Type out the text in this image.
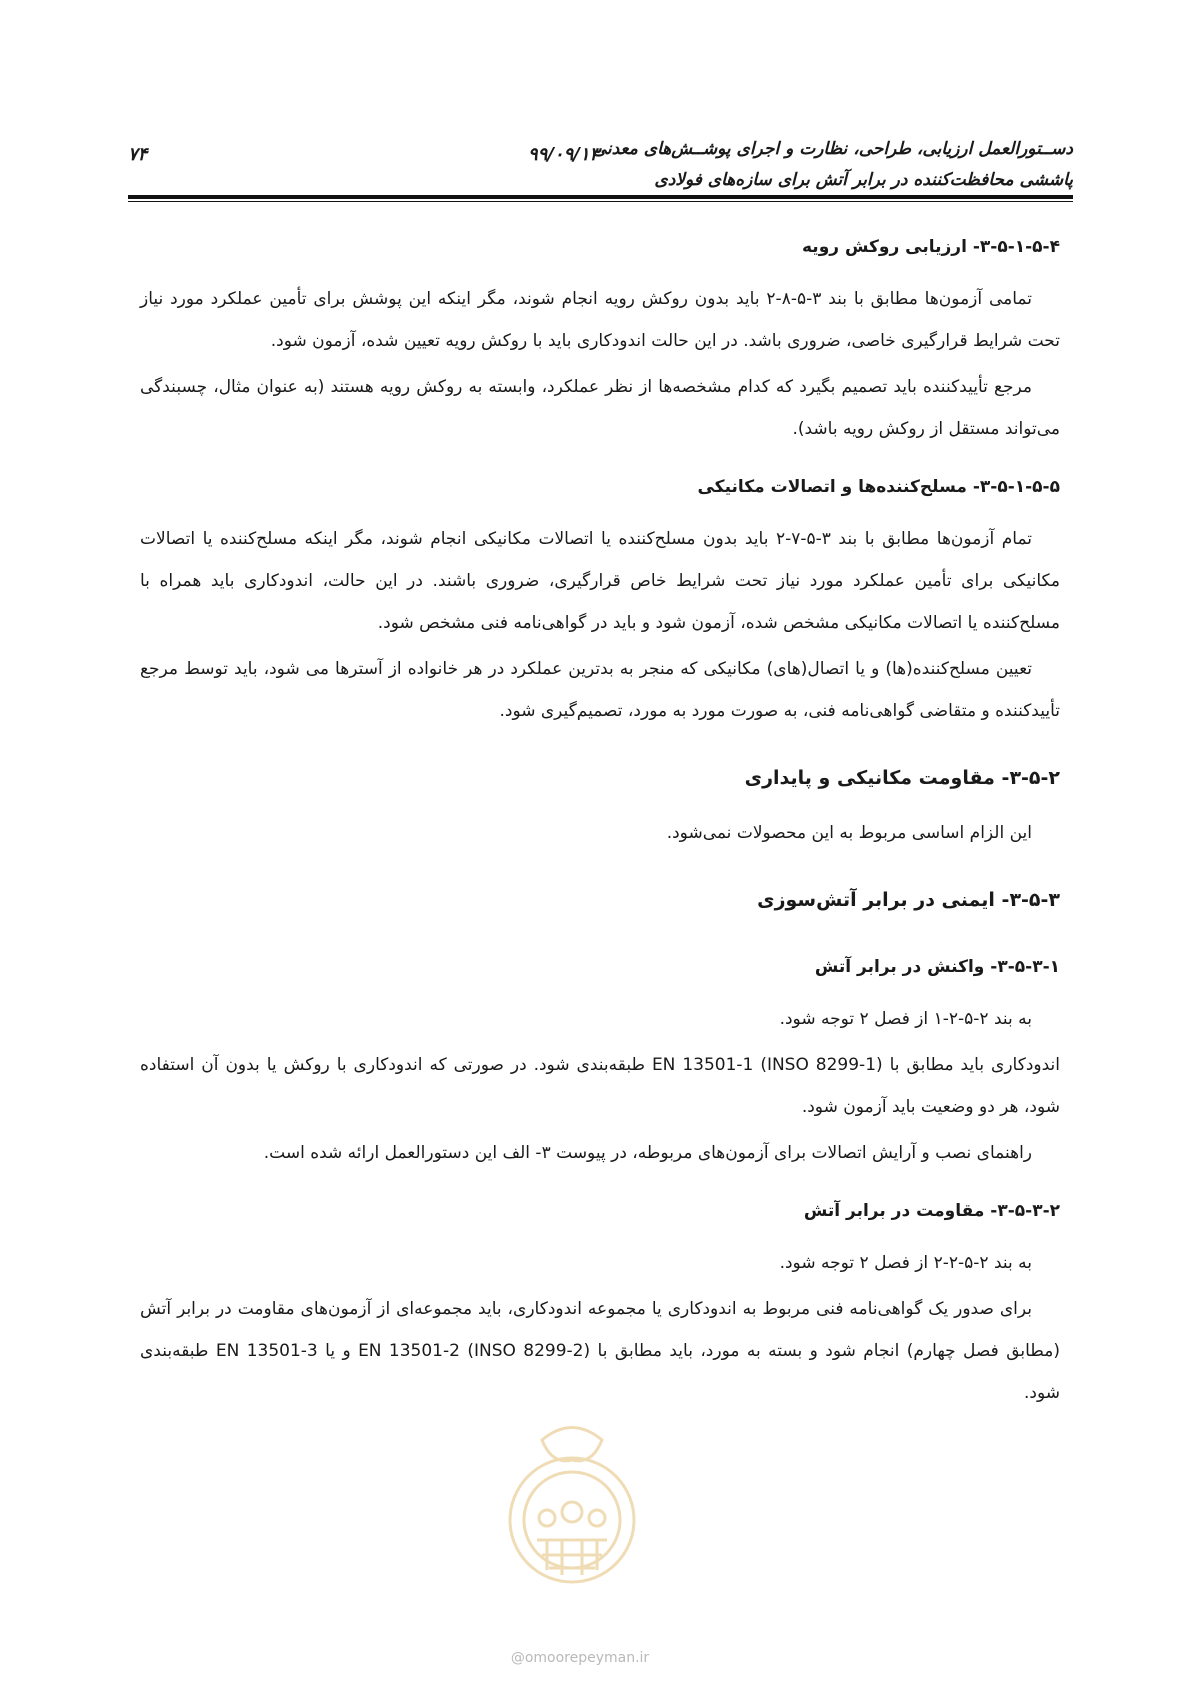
دســتورالعمل ارزیابی، طراحی، نظارت و اجرای پوشــش‌های معدنی
پاششی محافظت‌کننده در برابر آتش برای سازه‌های فولادی
۹۹/۰۹/۱۳
۷۴
۳-۵-۱-۵-۴- ارزیابی روکش رویه

تمامی آزمون‌ها مطابق با بند ۳-۵-۸-۲ باید بدون روکش رویه انجام شوند، مگر اینکه این پوشش برای تأمین عملکرد مورد نیاز تحت شرایط قرارگیری خاصی، ضروری باشد. در این حالت اندودکاری باید با روکش رویه تعیین شده، آزمون شود.

مرجع تأییدکننده باید تصمیم بگیرد که کدام مشخصه‌ها از نظر عملکرد، وابسته به روکش رویه هستند (به عنوان مثال، چسبندگی می‌تواند مستقل از روکش رویه باشد).

۳-۵-۱-۵-۵- مسلح‌کننده‌ها و اتصالات مکانیکی

تمام آزمون‌ها مطابق با بند ۳-۵-۷-۲ باید بدون مسلح‌کننده یا اتصالات مکانیکی انجام شوند، مگر اینکه مسلح‌کننده یا اتصالات مکانیکی برای تأمین عملکرد مورد نیاز تحت شرایط خاص قرارگیری، ضروری باشند. در این حالت، اندودکاری باید همراه با مسلح‌کننده یا اتصالات مکانیکی مشخص شده، آزمون شود و باید در گواهی‌نامه فنی مشخص شود.

تعیین مسلح‌کننده(ها) و یا اتصال(های) مکانیکی که منجر به بدترین عملکرد در هر خانواده از آسترها می شود، باید توسط مرجع تأییدکننده و متقاضی گواهی‌نامه فنی، به صورت مورد به مورد، تصمیم‌گیری شود.

۳-۵-۲- مقاومت مکانیکی و پایداری

این الزام اساسی مربوط به این محصولات نمی‌شود.

۳-۵-۳- ایمنی در برابر آتش‌سوزی
۳-۵-۳-۱- واکنش در برابر آتش

به بند ۲-۵-۲-۱ از فصل ۲ توجه شود.

اندودکاری باید مطابق با (INSO 8299-1) EN 13501-1 طبقه‌بندی شود. در صورتی که اندودکاری با روکش یا بدون آن استفاده شود، هر دو وضعیت باید آزمون شود.

راهنمای نصب و آرایش اتصالات برای آزمون‌های مربوطه، در پیوست ۳- الف این دستورالعمل ارائه شده است.

۳-۵-۳-۲- مقاومت در برابر آتش

به بند ۲-۵-۲-۲ از فصل ۲ توجه شود.

برای صدور یک گواهی‌نامه فنی مربوط به اندودکاری یا مجموعه اندودکاری، باید مجموعه‌ای از آزمون‌های مقاومت در برابر آتش (مطابق فصل چهارم) انجام شود و بسته به مورد، باید مطابق با (INSO 8299-2) EN 13501-2 و یا EN 13501-3 طبقه‌بندی شود.

@omoorepeyman.ir
